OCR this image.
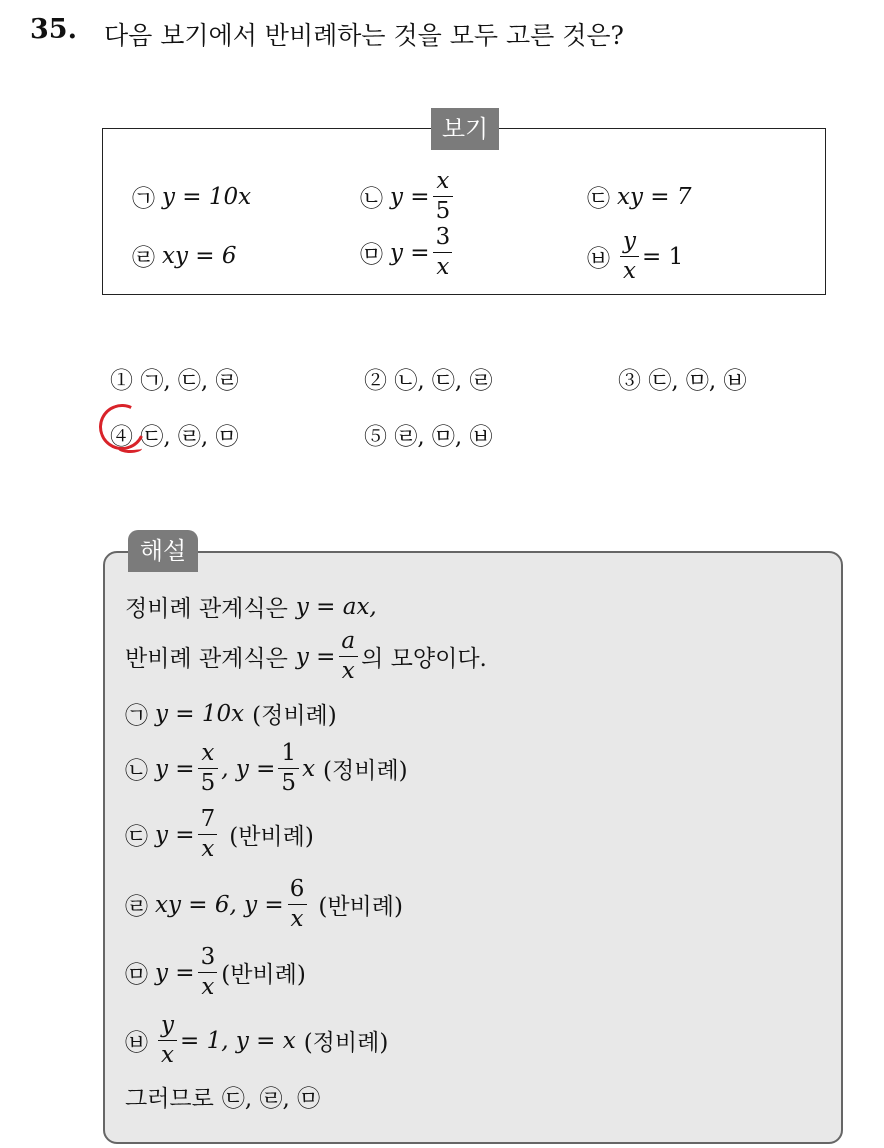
35. 다음 보기에서 반비례하는 것을 모두 고른 것은?
보기
㉠ y = 10x	㉡ $y = \frac{x}{5}$	㉢ xy = 7
㉣ xy = 6	㉤ $y = \frac{3}{x}$	㉥ $\frac{y}{x} = 1$
① ㉠, ㉢, ㉣	② ㉡, ㉢, ㉣	③ ㉢, ㉤, ㉥
④ ㉢, ㉣, ㉤	⑤ ㉣, ㉤, ㉥
해설
정비례 관계식은 y = ax,
반비례 관계식은 $y = \frac{a}{x}$ 의 모양이다.
㉠ y = 10x (정비례)
㉡ $y = \frac{x}{5}$ , $y = \frac{1}{5}$ x (정비례)
㉢ $y = \frac{7}{x}$ (반비례)
㉣ xy = 6, $y = \frac{6}{x}$ (반비례)
㉤ $y = \frac{3}{x}$ (반비례)
㉥ $\frac{y}{x} = 1$, y = x (정비례)
그러므로 ㉢, ㉣, ㉤
